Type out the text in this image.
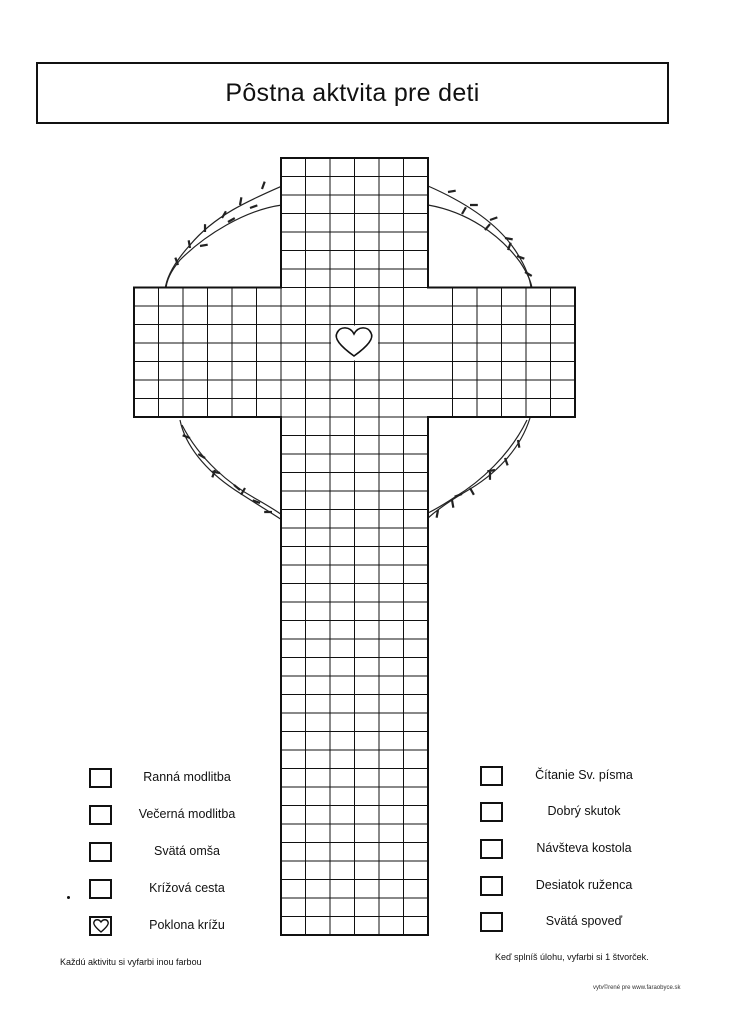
Pôstna aktvita pre deti
Ranná modlitba
Večerná modlitba
Svätá omša
Krížová cesta
Poklona krížu
Čítanie Sv. písma
Dobrý skutok
Návšteva kostola
Desiatok ruženca
Svätá spoveď
Každú aktivitu si vyfarbi inou farbou	Keď splníš úlohu, vyfarbi si 1 štvorček.
vytv©rené pre www.faraobyce.sk
